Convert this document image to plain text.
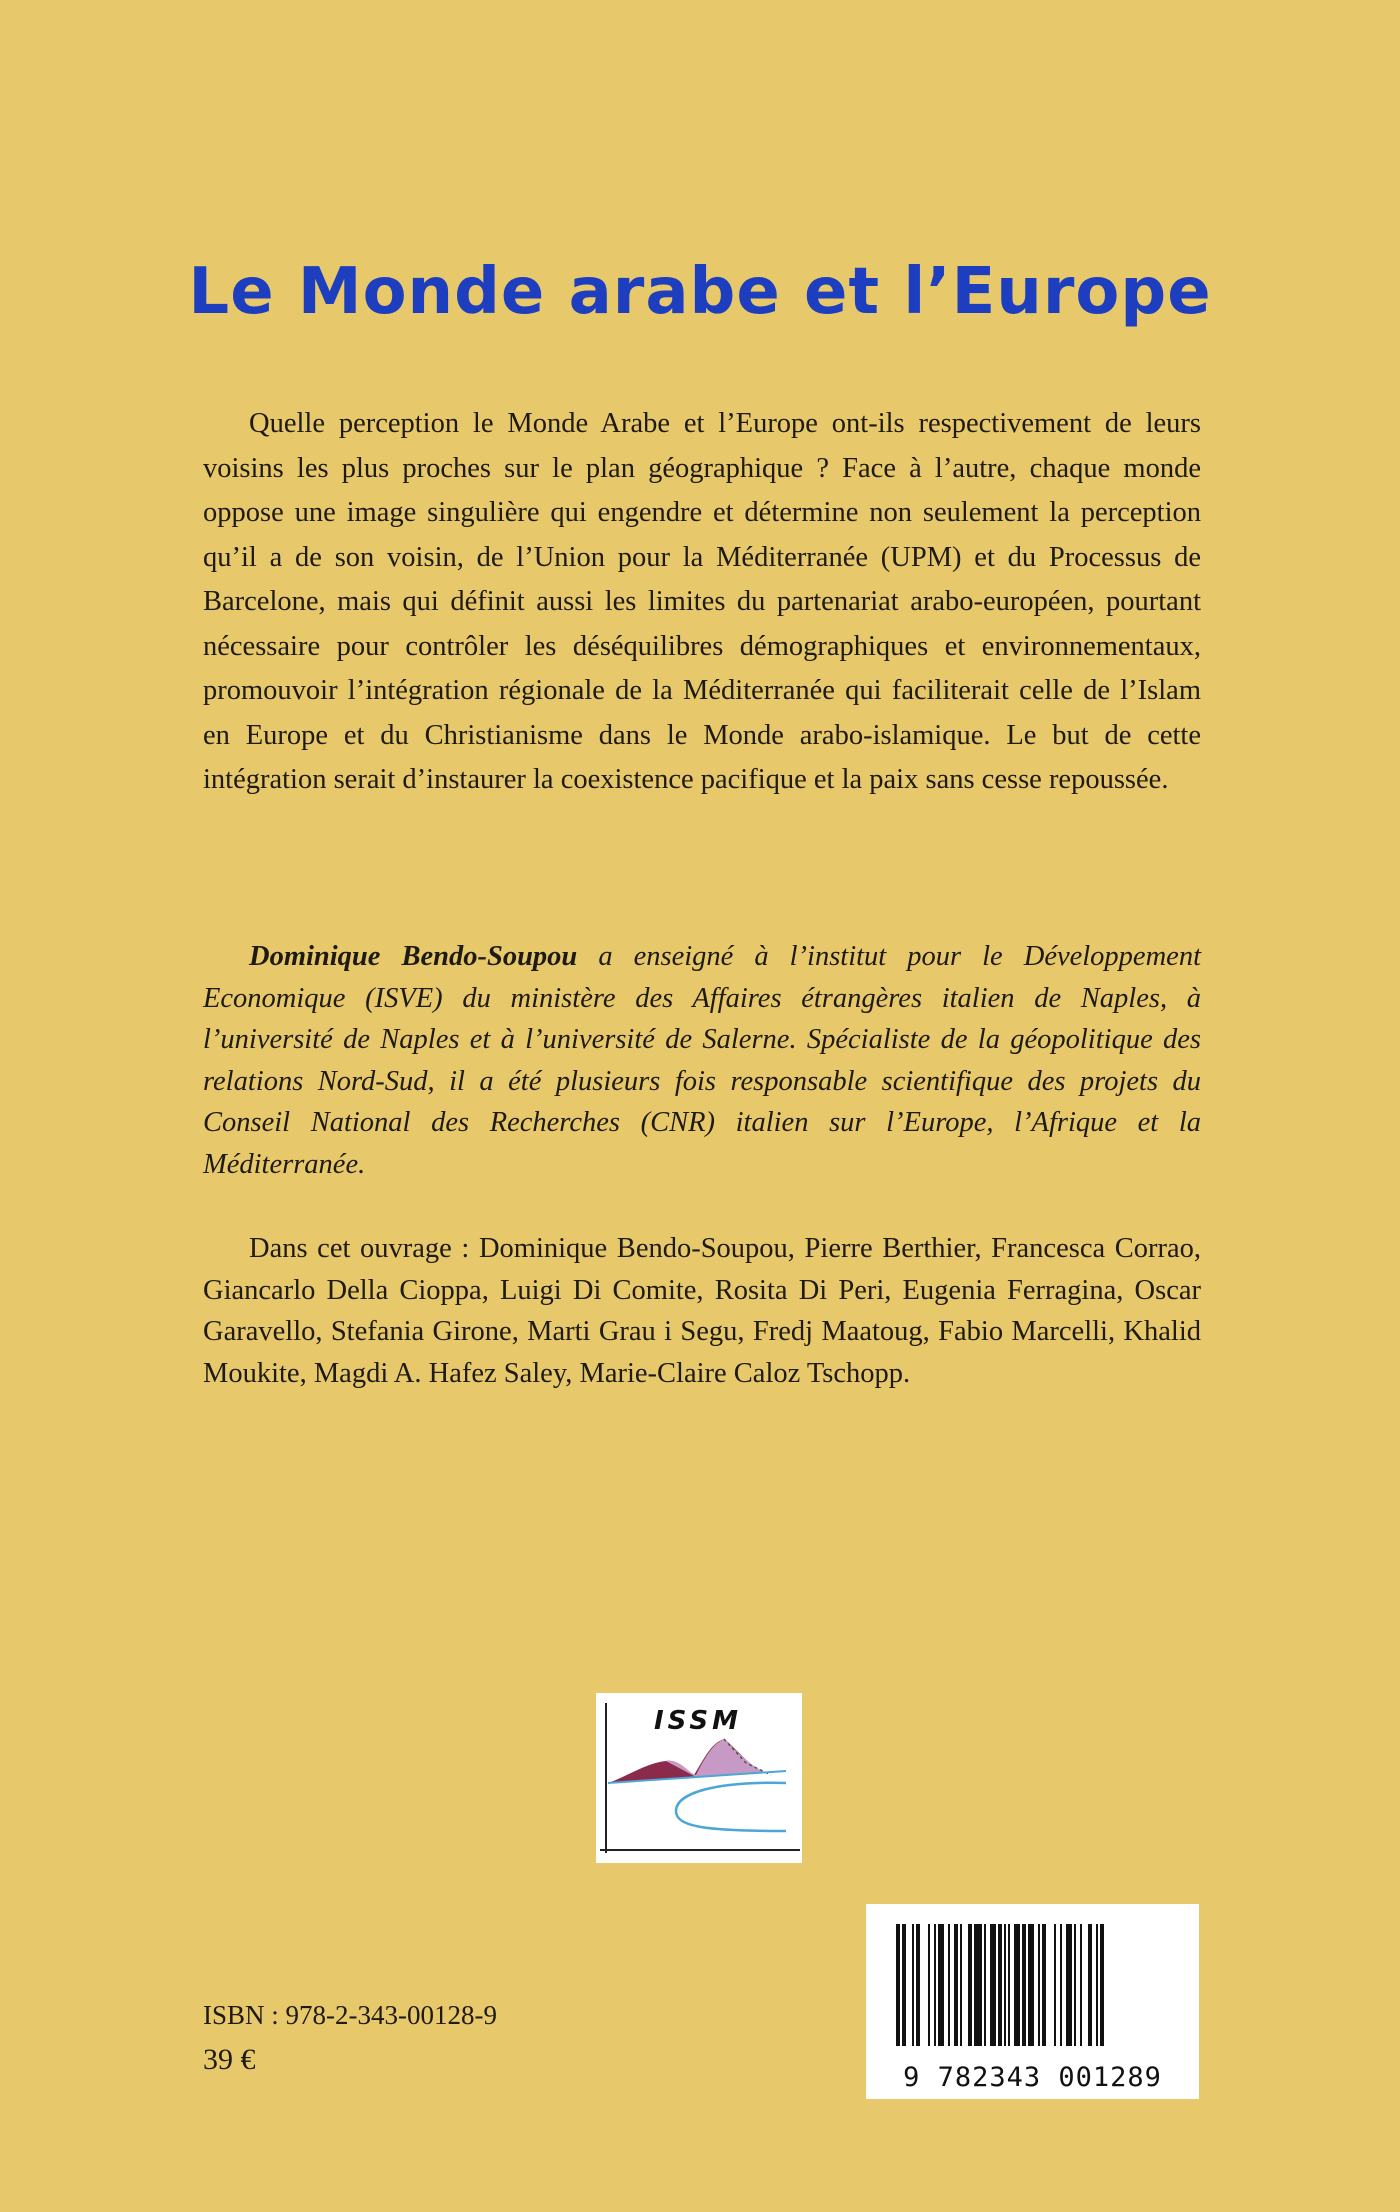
Le Monde arabe et l’Europe

Quelle perception le Monde Arabe et l’Europe ont-ils respectivement de leurs voisins les plus proches sur le plan géographique ? Face à l’autre, chaque monde oppose une image singulière qui engendre et détermine non seulement la perception qu’il a de son voisin, de l’Union pour la Méditerranée (UPM) et du Processus de Barcelone, mais qui définit aussi les limites du partenariat arabo-européen, pourtant nécessaire pour contrôler les déséquilibres démographiques et environnementaux, promouvoir l’intégration régionale de la Méditerranée qui faciliterait celle de l’Islam en Europe et du Christianisme dans le Monde arabo-islamique. Le but de cette intégration serait d’instaurer la coexistence pacifique et la paix sans cesse repoussée.

Dominique Bendo-Soupou a enseigné à l’institut pour le Développement Economique (ISVE) du ministère des Affaires étrangères italien de Naples, à l’université de Naples et à l’université de Salerne. Spécialiste de la géopolitique des relations Nord-Sud, il a été plusieurs fois responsable scientifique des projets du Conseil National des Recherches (CNR) italien sur l’Europe, l’Afrique et la Méditerranée.

Dans cet ouvrage : Dominique Bendo-Soupou, Pierre Berthier, Francesca Corrao, Giancarlo Della Cioppa, Luigi Di Comite, Rosita Di Peri, Eugenia Ferragina, Oscar Garavello, Stefania Girone, Marti Grau i Segu, Fredj Maatoug, Fabio Marcelli, Khalid Moukite, Magdi A. Hafez Saley, Marie-Claire Caloz Tschopp.

ISSM
ISBN : 978-2-343-00128-9
39 €
9 782343 001289
